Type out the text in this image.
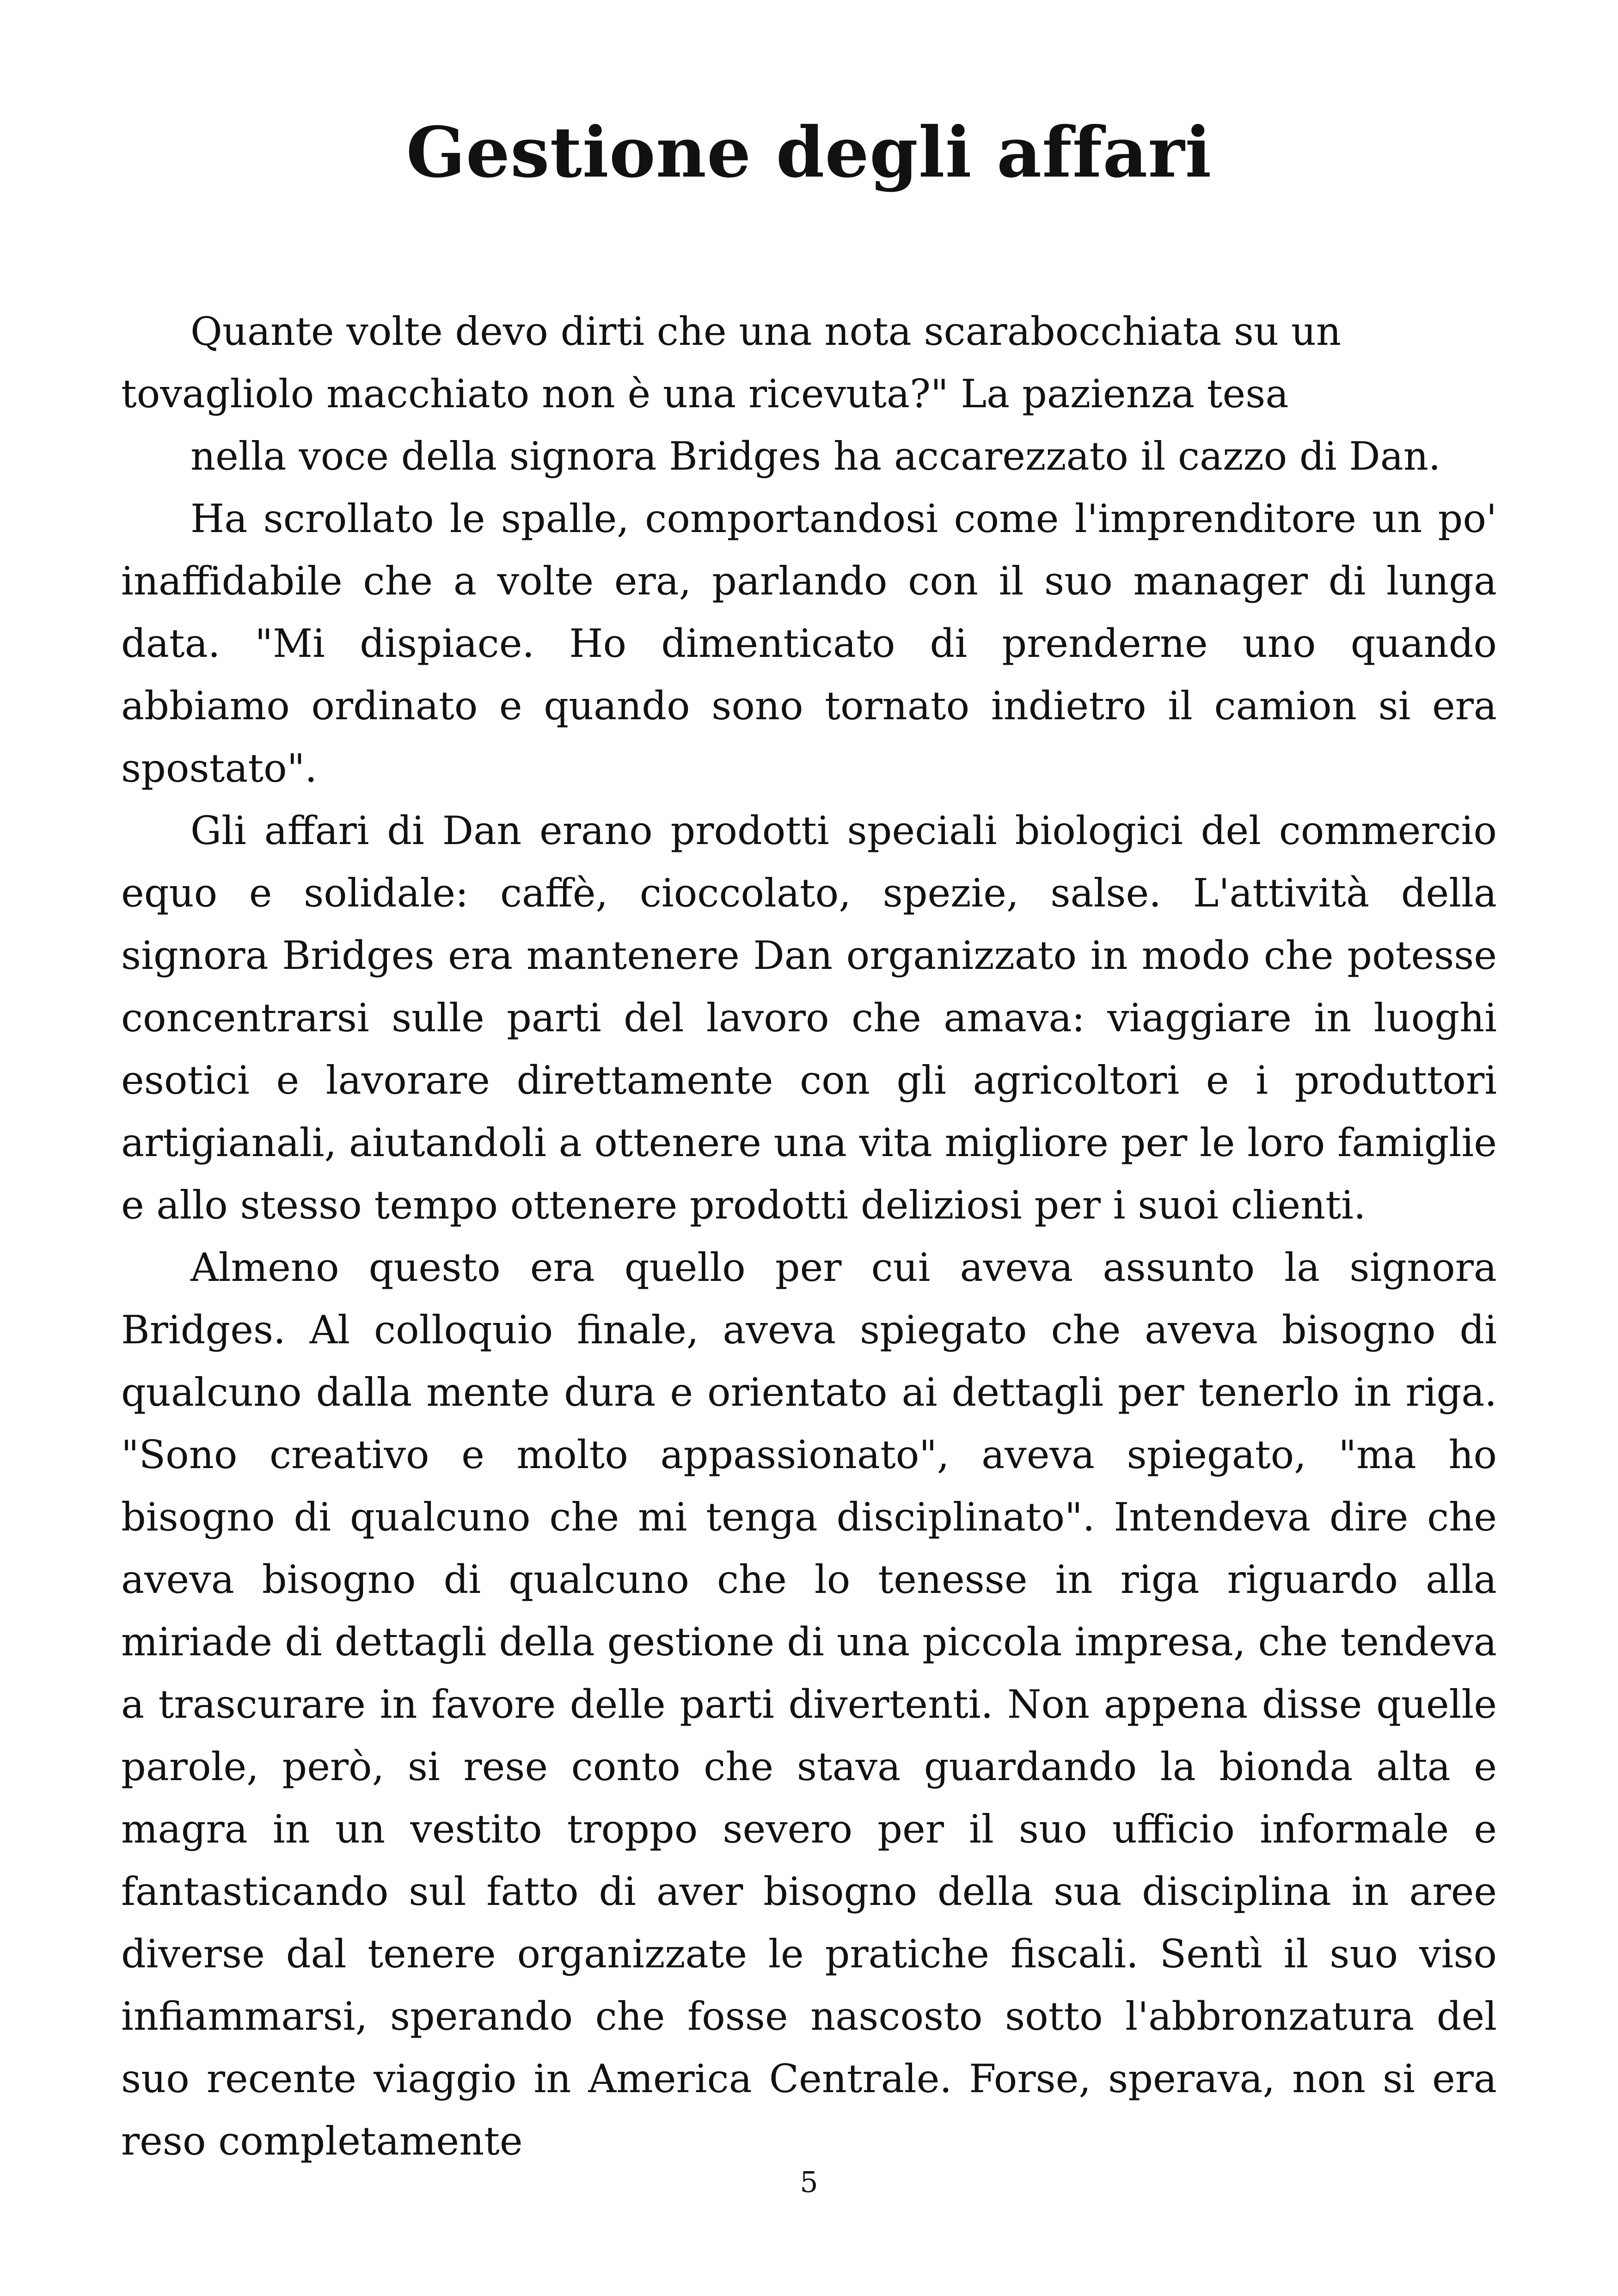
Gestione degli affari

Quante volte devo dirti che una nota scarabocchiata su un tovagliolo macchiato non è una ricevuta?" La pazienza tesa

nella voce della signora Bridges ha accarezzato il cazzo di Dan.

Ha scrollato le spalle, comportandosi come l'imprenditore un po' inaffidabile che a volte era, parlando con il suo manager di lunga data. "Mi dispiace. Ho dimenticato di prenderne uno quando abbiamo ordinato e quando sono tornato indietro il camion si era spostato".

Gli affari di Dan erano prodotti speciali biologici del commercio equo e solidale: caffè, cioccolato, spezie, salse. L'attività della signora Bridges era mantenere Dan organizzato in modo che potesse concentrarsi sulle parti del lavoro che amava: viaggiare in luoghi esotici e lavorare direttamente con gli agricoltori e i produttori artigianali, aiutandoli a ottenere una vita migliore per le loro famiglie e allo stesso tempo ottenere prodotti deliziosi per i suoi clienti.

Almeno questo era quello per cui aveva assunto la signora Bridges. Al colloquio finale, aveva spiegato che aveva bisogno di qualcuno dalla mente dura e orientato ai dettagli per tenerlo in riga. "Sono creativo e molto appassionato", aveva spiegato, "ma ho bisogno di qualcuno che mi tenga disciplinato". Intendeva dire che aveva bisogno di qualcuno che lo tenesse in riga riguardo alla miriade di dettagli della gestione di una piccola impresa, che tendeva a trascurare in favore delle parti divertenti. Non appena disse quelle parole, però, si rese conto che stava guardando la bionda alta e magra in un vestito troppo severo per il suo ufficio informale e fantasticando sul fatto di aver bisogno della sua disciplina in aree diverse dal tenere organizzate le pratiche fiscali. Sentì il suo viso infiammarsi, sperando che fosse nascosto sotto l'abbronzatura del suo recente viaggio in America Centrale. Forse, sperava, non si era reso completamente

5
